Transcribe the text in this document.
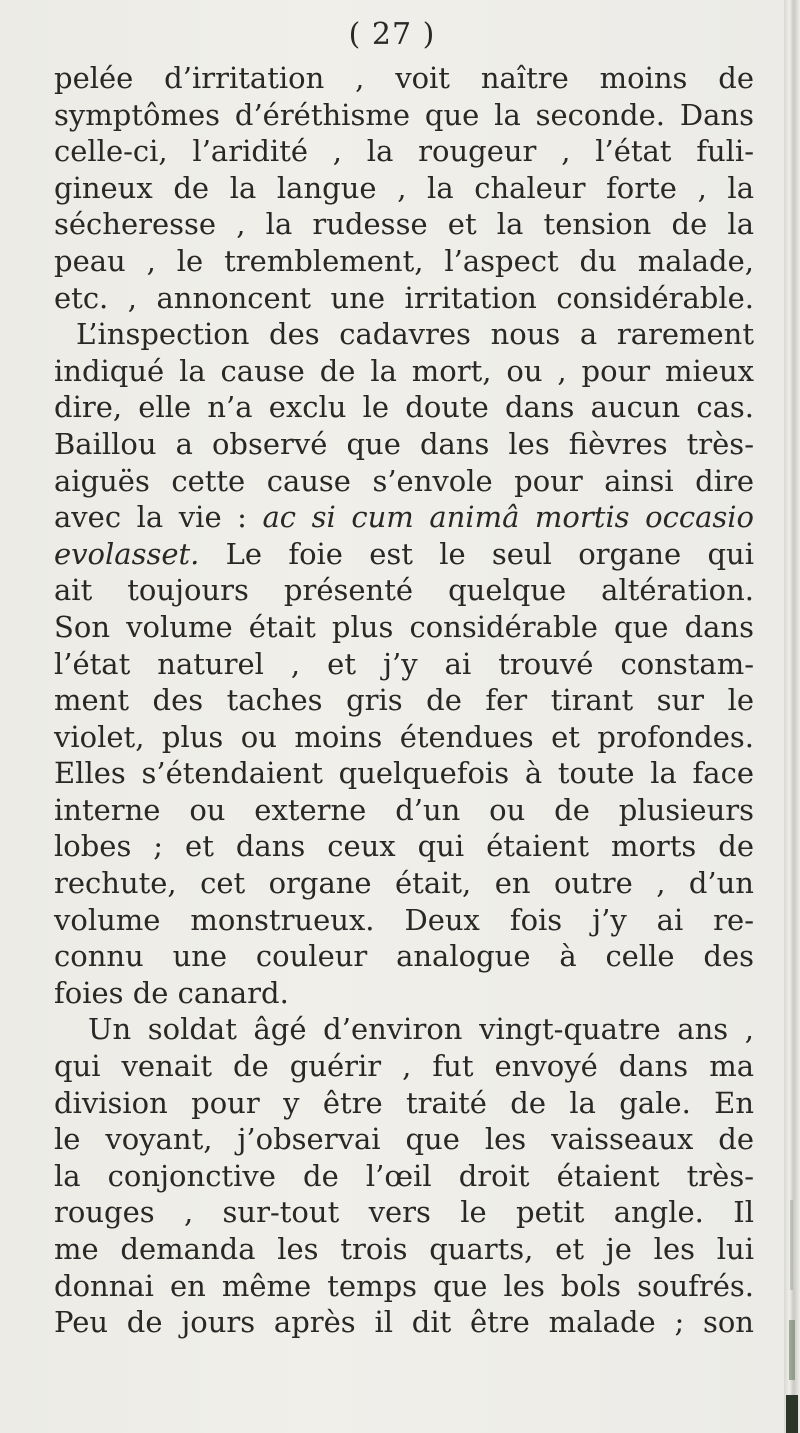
( 27 )
pelée d’irritation , voit naître moins de
symptômes d’éréthisme que la seconde. Dans
celle-ci, l’aridité , la rougeur , l’état fuli-
gineux de la langue , la chaleur forte , la
sécheresse , la rudesse et la tension de la
peau , le tremblement, l’aspect du malade,
etc. , annoncent une irritation considérable.
L’inspection des cadavres nous a rarement
indiqué la cause de la mort, ou , pour mieux
dire, elle n’a exclu le doute dans aucun cas.
Baillou a observé que dans les fièvres très-
aiguës cette cause s’envole pour ainsi dire
avec la vie : ac si cum animâ mortis occasio
evolasset. Le foie est le seul organe qui
ait toujours présenté quelque altération.
Son volume était plus considérable que dans
l’état naturel , et j’y ai trouvé constam-
ment des taches gris de fer tirant sur le
violet, plus ou moins étendues et profondes.
Elles s’étendaient quelquefois à toute la face
interne ou externe d’un ou de plusieurs
lobes ; et dans ceux qui étaient morts de
rechute, cet organe était, en outre , d’un
volume monstrueux. Deux fois j’y ai re-
connu une couleur analogue à celle des
foies de canard.
Un soldat âgé d’environ vingt-quatre ans ,
qui venait de guérir , fut envoyé dans ma
division pour y être traité de la gale. En
le voyant, j’observai que les vaisseaux de
la conjonctive de l’œil droit étaient très-
rouges , sur-tout vers le petit angle. Il
me demanda les trois quarts, et je les lui
donnai en même temps que les bols soufrés.
Peu de jours après il dit être malade ; son
